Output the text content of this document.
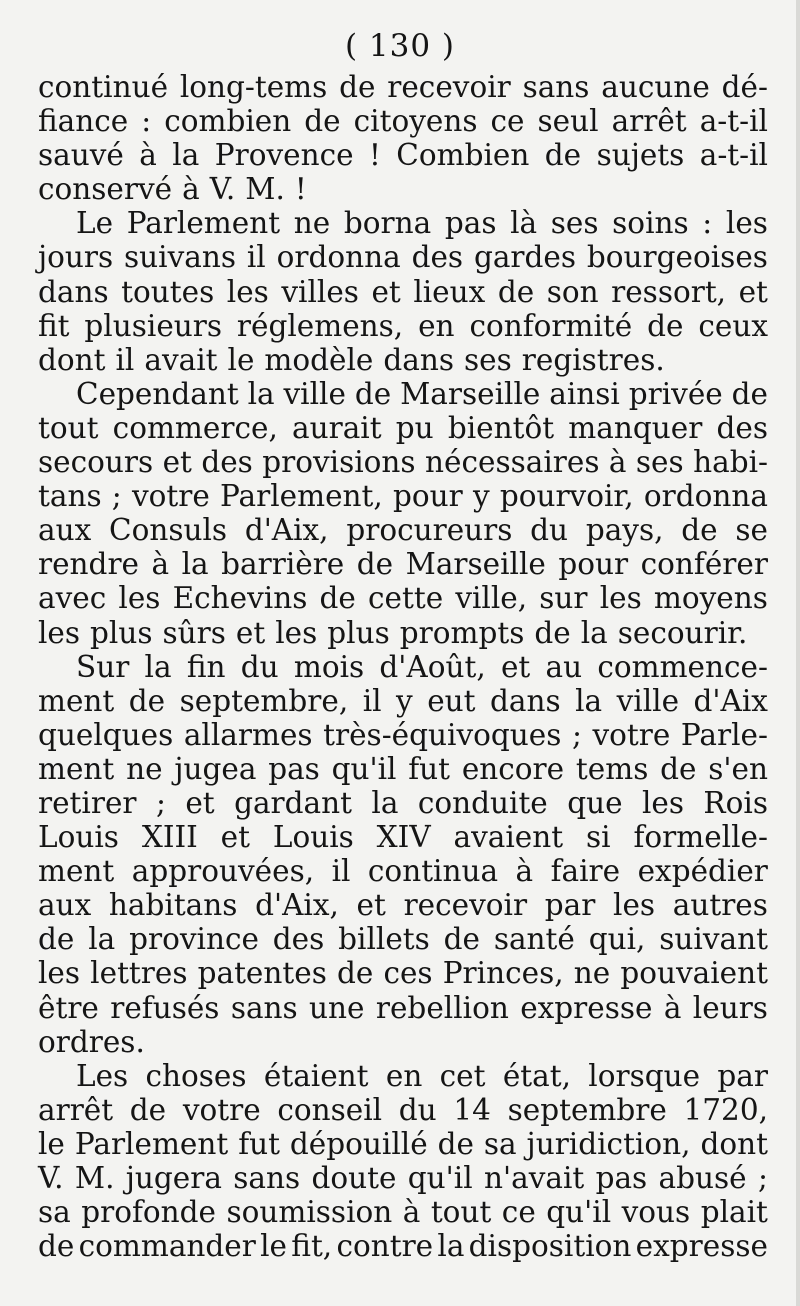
( 130 )
continué long-tems de recevoir sans aucune dé-
fiance : combien de citoyens ce seul arrêt a-t-il
sauvé à la Provence ! Combien de sujets a-t-il
conservé à V. M. !
Le Parlement ne borna pas là ses soins : les
jours suivans il ordonna des gardes bourgeoises
dans toutes les villes et lieux de son ressort, et
fit plusieurs réglemens, en conformité de ceux
dont il avait le modèle dans ses registres.
Cependant la ville de Marseille ainsi privée de
tout commerce, aurait pu bientôt manquer des
secours et des provisions nécessaires à ses habi-
tans ; votre Parlement, pour y pourvoir, ordonna
aux Consuls d'Aix, procureurs du pays, de se
rendre à la barrière de Marseille pour conférer
avec les Echevins de cette ville, sur les moyens
les plus sûrs et les plus prompts de la secourir.
Sur la fin du mois d'Août, et au commence-
ment de septembre, il y eut dans la ville d'Aix
quelques allarmes très-équivoques ; votre Parle-
ment ne jugea pas qu'il fut encore tems de s'en
retirer ; et gardant la conduite que les Rois
Louis XIII et Louis XIV avaient si formelle-
ment approuvées, il continua à faire expédier
aux habitans d'Aix, et recevoir par les autres
de la province des billets de santé qui, suivant
les lettres patentes de ces Princes, ne pouvaient
être refusés sans une rebellion expresse à leurs
ordres.
Les choses étaient en cet état, lorsque par
arrêt de votre conseil du 14 septembre 1720,
le Parlement fut dépouillé de sa juridiction, dont
V. M. jugera sans doute qu'il n'avait pas abusé ;
sa profonde soumission à tout ce qu'il vous plait
de commander le fit, contre la disposition expresse
